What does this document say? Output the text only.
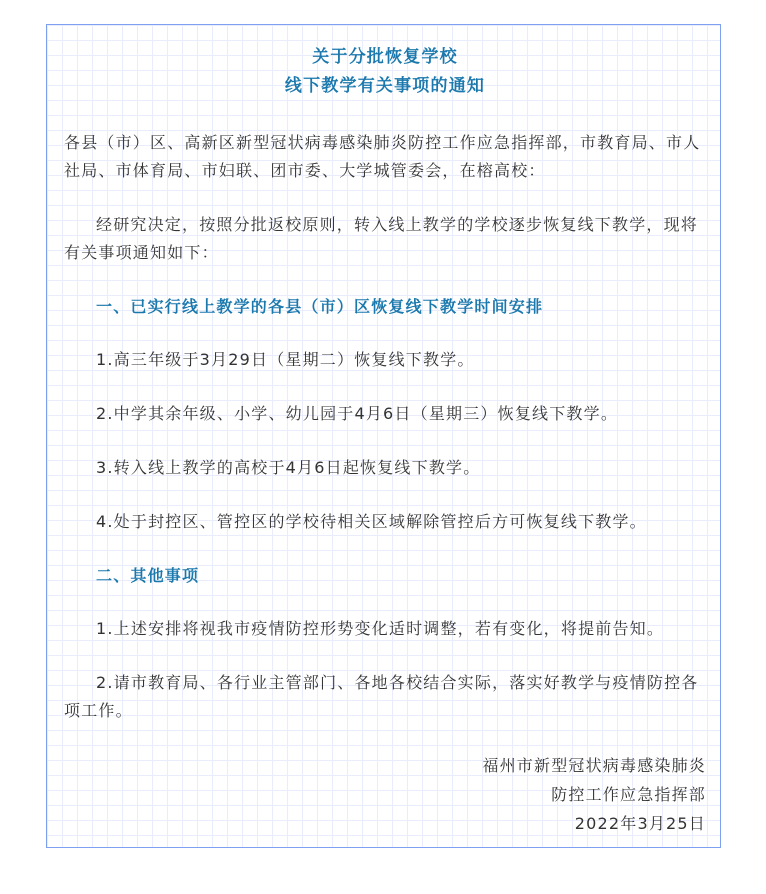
关于分批恢复学校
线下教学有关事项的通知

各县（市）区、高新区新型冠状病毒感染肺炎防控工作应急指挥部，市教育局、市人社局、市体育局、市妇联、团市委、大学城管委会，在榕高校：

经研究决定，按照分批返校原则，转入线上教学的学校逐步恢复线下教学，现将有关事项通知如下：

一、已实行线上教学的各县（市）区恢复线下教学时间安排

1.高三年级于3月29日（星期二）恢复线下教学。

2.中学其余年级、小学、幼儿园于4月6日（星期三）恢复线下教学。

3.转入线上教学的高校于4月6日起恢复线下教学。

4.处于封控区、管控区的学校待相关区域解除管控后方可恢复线下教学。

二、其他事项

1.上述安排将视我市疫情防控形势变化适时调整，若有变化，将提前告知。

2.请市教育局、各行业主管部门、各地各校结合实际，落实好教学与疫情防控各项工作。

福州市新型冠状病毒感染肺炎

防控工作应急指挥部

2022年3月25日
